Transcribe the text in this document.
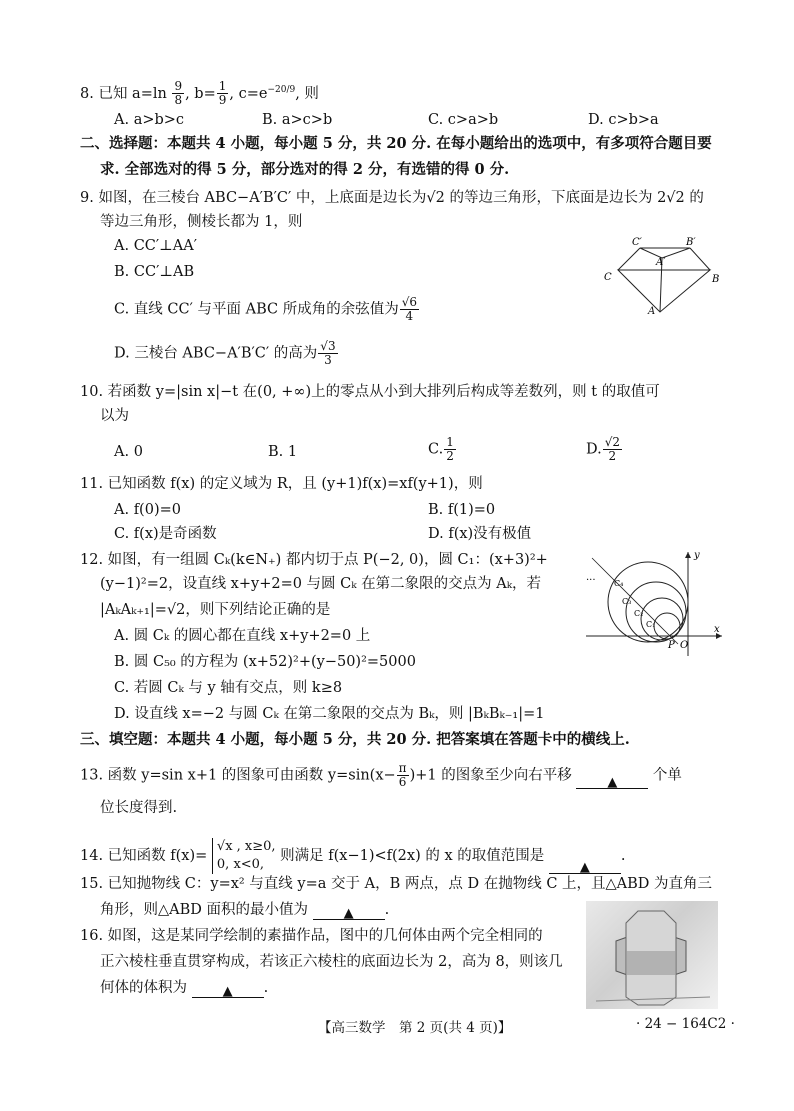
8. 已知 $a=\ln \frac{9}{8}$ , $b= \frac{1}{9}$ , $c=e^{-20/9}$, 则
A. a>b>c	B. a>c>b	C. c>a>b	D. c>b>a
二、选择题：本题共 4 小题，每小题 5 分，共 20 分. 在每小题给出的选项中，有多项符合题目要
求. 全部选对的得 5 分，部分选对的得 2 分，有选错的得 0 分.
9. 如图，在三棱台 ABC−A′B′C′ 中，上底面是边长为√2 的等边三角形，下底面是边长为 2√2 的
等边三角形，侧棱长都为 1，则
A. CC′⊥AA′
B. CC′⊥AB
C. 直线 CC′ 与平面 ABC 所成角的余弦值为 $\frac{√6}{4}$
D. 三棱台 ABC−A′B′C′ 的高为 $\frac{√3}{3}$
C′	B′
A′
C	B
A
10. 若函数 y=|sin x|−t 在(0, +∞)上的零点从小到大排列后构成等差数列，则 t 的取值可
以为
A. 0	B. 1	C. $\frac{1}{2}$	D. $\frac{√2}{2}$
11. 已知函数 f(x) 的定义域为 R，且 (y+1)f(x)=xf(y+1)，则
A. f(0)=0	B. f(1)=0
C. f(x)是奇函数	D. f(x)没有极值
12. 如图，有一组圆 Cₖ(k∈N₊) 都内切于点 P(−2, 0)，圆 C₁：(x+3)²+
(y−1)²=2，设直线 x+y+2=0 与圆 Cₖ 在第二象限的交点为 Aₖ，若
|AₖAₖ₊₁|=√2，则下列结论正确的是
A. 圆 Cₖ 的圆心都在直线 x+y+2=0 上
B. 圆 C₅₀ 的方程为 (x+52)²+(y−50)²=5000
C. 若圆 Cₖ 与 y 轴有交点，则 k≥8
D. 设直线 x=−2 与圆 Cₖ 在第二象限的交点为 Bₖ，则 |BₖBₖ₋₁|=1
y
x
P O
C₄
C₃
C₂
C₁
...
三、填空题：本题共 4 小题，每小题 5 分，共 20 分. 把答案填在答题卡中的横线上.
13. 函数 y=sin x+1 的图象可由函数 $y=\sin(x- \frac{\pi}{6} )+1$ 的图象至少向右平移	▲ 个单
位长度得到.
14. 已知函数 f(x)=
√x , x≥0,
0, x<0,
则满足 f(x−1)<f(2x) 的 x 的取值范围是 ▲.
15. 已知抛物线 C：y=x² 与直线 y=a 交于 A，B 两点，点 D 在抛物线 C 上，且△ABD 为直角三
角形，则△ABD 面积的最小值为	▲ .
16. 如图，这是某同学绘制的素描作品，图中的几何体由两个完全相同的
正六棱柱垂直贯穿构成，若该正六棱柱的底面边长为 2，高为 8，则该几
何体的体积为	▲ .
【高三数学　第 2 页(共 4 页)】	· 24 − 164C2 ·
